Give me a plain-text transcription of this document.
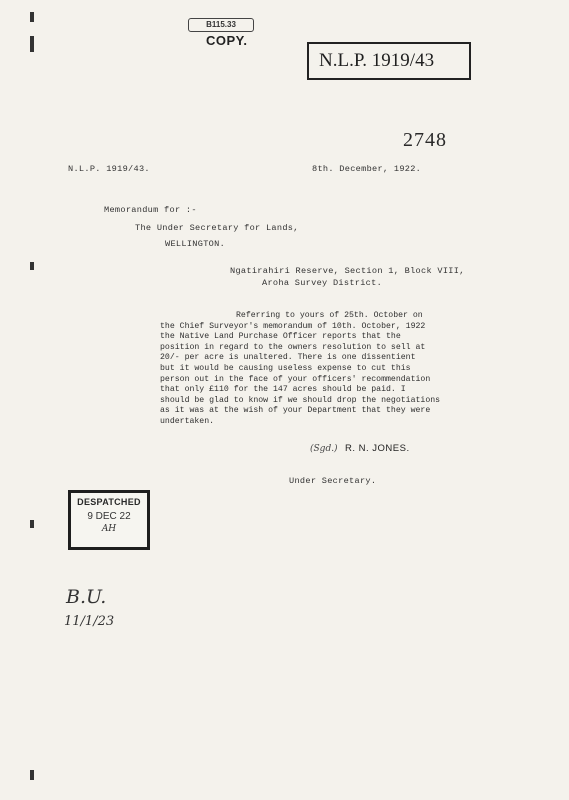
B115.33
COPY.
N.L.P. 1919/43
2748
N.L.P. 1919/43.	8th. December, 1922.
Memorandum for :-
The Under Secretary for Lands,
WELLINGTON.
Ngatirahiri Reserve, Section 1, Block VIII,
Aroha Survey District.
Referring to yours of 25th. October on
the Chief Surveyor's memorandum of 10th. October, 1922
the Native Land Purchase Officer reports that the
position in regard to the owners resolution to sell at
20/- per acre is unaltered. There is one dissentient
but it would be causing useless expense to cut this
person out in the face of your officers' recommendation
that only £110 for the 147 acres should be paid. I
should be glad to know if we should drop the negotiations
as it was at the wish of your Department that they were
undertaken.
(Sgd.) R. N. JONES.
Under Secretary.
DESPATCHED
9 DEC 22
AH
B.U.
11/1/23
